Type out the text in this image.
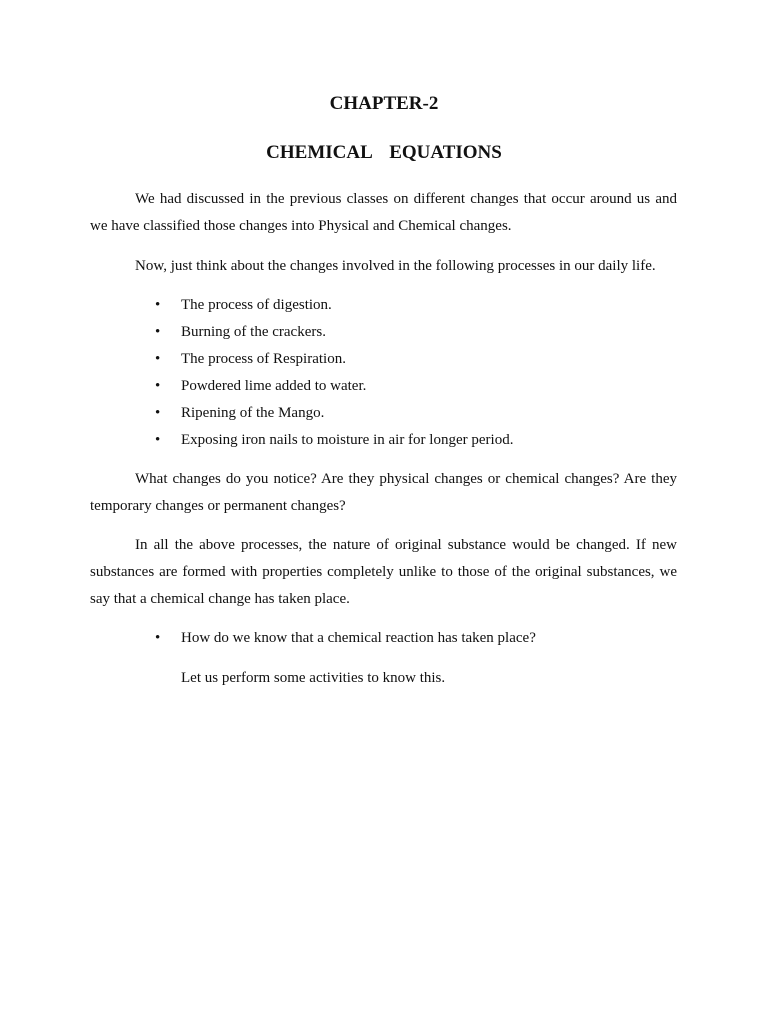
CHAPTER-2
CHEMICAL  EQUATIONS

We had discussed in the previous classes on different changes that occur around us and we have classified those changes into Physical and Chemical changes.

Now, just think about the changes involved in the following processes in our daily life.

• The process of digestion.
• Burning of the crackers.
• The process of Respiration.
• Powdered lime added to water.
• Ripening of the Mango.
• Exposing iron nails to moisture in air for longer period.

What changes do you notice? Are they physical changes or chemical changes? Are they temporary changes or permanent changes?

In all the above processes, the nature of original substance would be changed. If new substances are formed with properties completely unlike to those of the original substances, we say that a chemical change has taken place.

• How do we know that a chemical reaction has taken place?

Let us perform some activities to know this.
